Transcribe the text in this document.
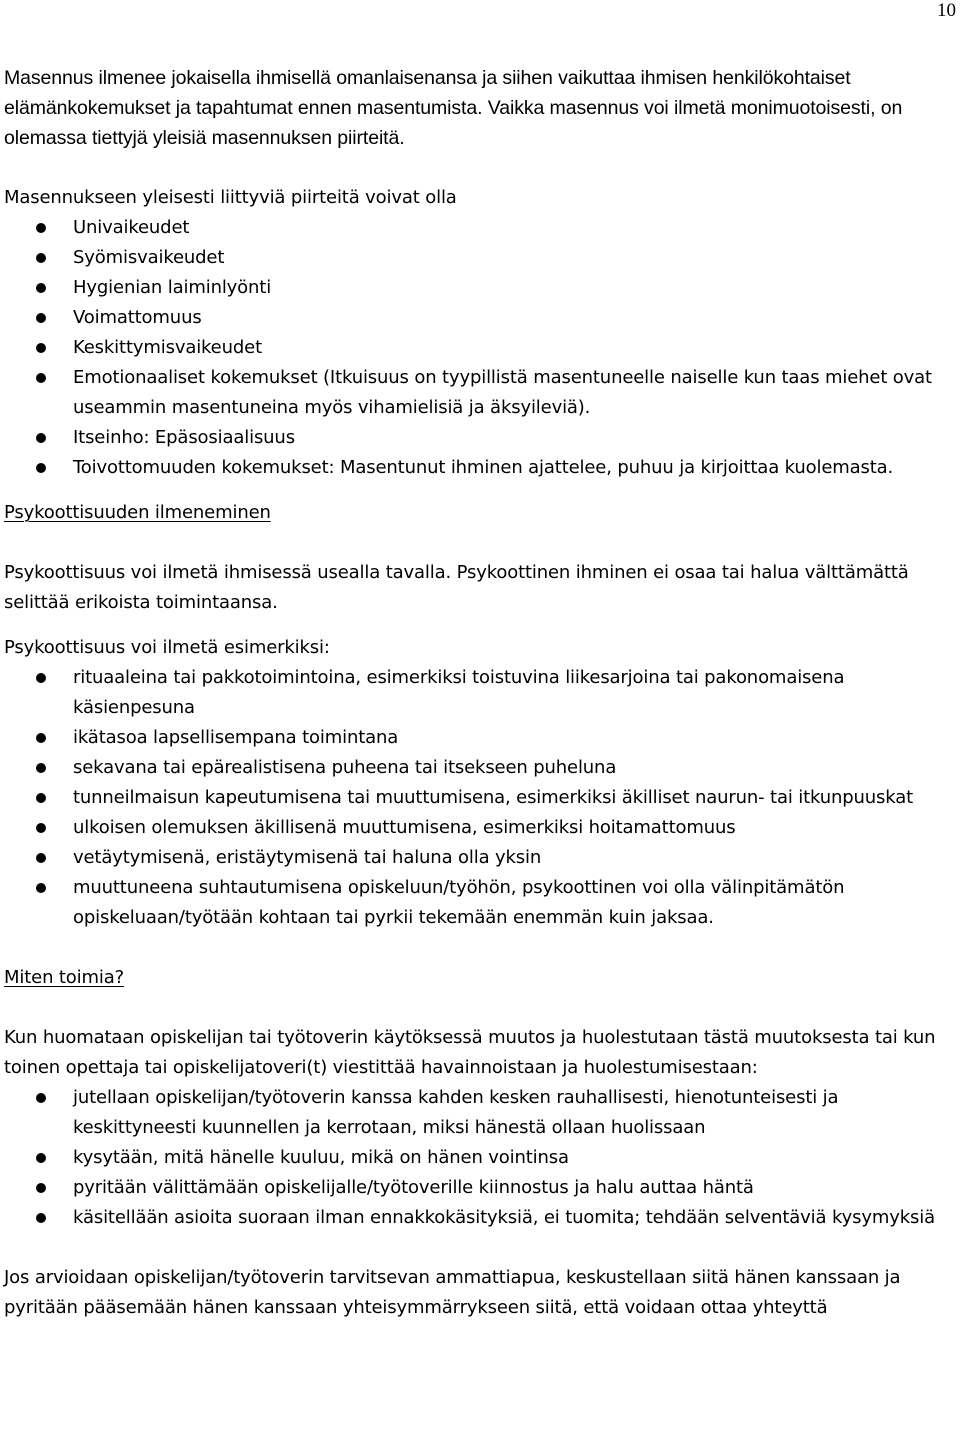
10

Masennus ilmenee jokaisella ihmisellä omanlaisenansa ja siihen vaikuttaa ihmisen henkilökohtaiset elämänkokemukset ja tapahtumat ennen masentumista. Vaikka masennus voi ilmetä monimuotoisesti, on olemassa tiettyjä yleisiä masennuksen piirteitä.

Masennukseen yleisesti liittyviä piirteitä voivat olla

Univaikeudet
Syömisvaikeudet
Hygienian laiminlyönti
Voimattomuus
Keskittymisvaikeudet
Emotionaaliset kokemukset (Itkuisuus on tyypillistä masentuneelle naiselle kun taas miehet ovat useammin masentuneina myös vihamielisiä ja äksyileviä).
Itseinho: Epäsosiaalisuus
Toivottomuuden kokemukset: Masentunut ihminen ajattelee, puhuu ja kirjoittaa kuolemasta.

Psykoottisuuden ilmeneminen

Psykoottisuus voi ilmetä ihmisessä usealla tavalla. Psykoottinen ihminen ei osaa tai halua välttämättä selittää erikoista toimintaansa.

Psykoottisuus voi ilmetä esimerkiksi:

rituaaleina tai pakkotoimintoina, esimerkiksi toistuvina liikesarjoina tai pakonomaisena käsienpesuna
ikätasoa lapsellisempana toimintana
sekavana tai epärealistisena puheena tai itsekseen puheluna
tunneilmaisun kapeutumisena tai muuttumisena, esimerkiksi äkilliset naurun- tai itkunpuuskat
ulkoisen olemuksen äkillisenä muuttumisena, esimerkiksi hoitamattomuus
vetäytymisenä, eristäytymisenä tai haluna olla yksin
muuttuneena suhtautumisena opiskeluun/työhön, psykoottinen voi olla välinpitämätön opiskeluaan/työtään kohtaan tai pyrkii tekemään enemmän kuin jaksaa.

Miten toimia?

Kun huomataan opiskelijan tai työtoverin käytöksessä muutos ja huolestutaan tästä muutoksesta tai kun toinen opettaja tai opiskelijatoveri(t) viestittää havainnoistaan ja huolestumisestaan:

jutellaan opiskelijan/työtoverin kanssa kahden kesken rauhallisesti, hienotunteisesti ja keskittyneesti kuunnellen ja kerrotaan, miksi hänestä ollaan huolissaan
kysytään, mitä hänelle kuuluu, mikä on hänen vointinsa
pyritään välittämään opiskelijalle/työtoverille kiinnostus ja halu auttaa häntä
käsitellään asioita suoraan ilman ennakkokäsityksiä, ei tuomita; tehdään selventäviä kysymyksiä

Jos arvioidaan opiskelijan/työtoverin tarvitsevan ammattiapua, keskustellaan siitä hänen kanssaan ja pyritään pääsemään hänen kanssaan yhteisymmärrykseen siitä, että voidaan ottaa yhteyttä
